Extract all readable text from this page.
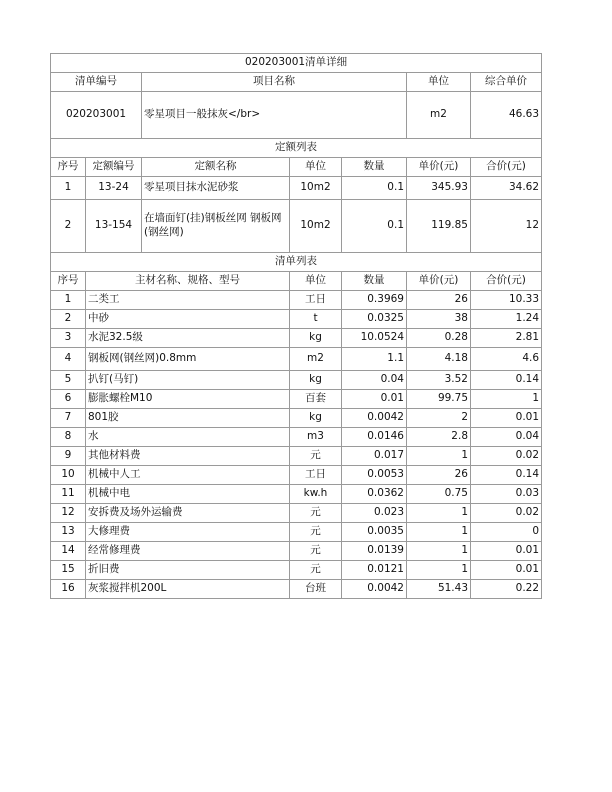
020203001清单详细						
清单编号		项目名称			单位	综合单价
020203001		零星项目一般抹灰</br>			m2	46.63
定额列表						
序号	定额编号	定额名称	单位	数量	单价(元)	合价(元)
1	13-24	零星项目抹水泥砂浆	10m2	0.1	345.93	34.62
2	13-154	在墙面钉(挂)钢板丝网 钢板网(钢丝网)	10m2	0.1	119.85	12
清单列表						
序号	主材名称、规格、型号		单位	数量	单价(元)	合价(元)
1	二类工		工日	0.3969	26	10.33
2	中砂		t	0.0325	38	1.24
3	水泥32.5级		kg	10.0524	0.28	2.81
4	钢板网(钢丝网)0.8mm		m2	1.1	4.18	4.6
5	扒钉(马钉)		kg	0.04	3.52	0.14
6	膨胀螺栓M10		百套	0.01	99.75	1
7	801胶		kg	0.0042	2	0.01
8	水		m3	0.0146	2.8	0.04
9	其他材料费		元	0.017	1	0.02
10	机械中人工		工日	0.0053	26	0.14
11	机械中电		kw.h	0.0362	0.75	0.03
12	安拆费及场外运输费		元	0.023	1	0.02
13	大修理费		元	0.0035	1	0
14	经常修理费		元	0.0139	1	0.01
15	折旧费		元	0.0121	1	0.01
16	灰浆搅拌机200L		台班	0.0042	51.43	0.22
